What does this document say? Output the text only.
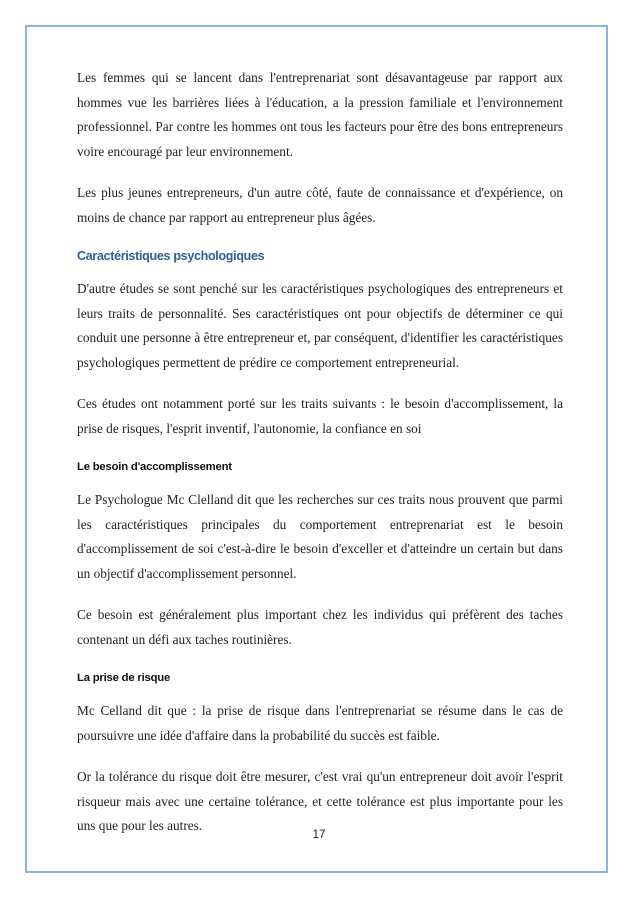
Les femmes qui se lancent dans l'entreprenariat sont désavantageuse par rapport aux hommes vue les barrières liées à l'éducation, a la pression familiale et l'environnement professionnel. Par contre les hommes ont tous les facteurs pour être des bons entrepreneurs voire encouragé par leur environnement.

Les plus jeunes entrepreneurs, d'un autre côté, faute de connaissance et d'expérience, on moins de chance par rapport au entrepreneur plus âgées.

Caractéristiques psychologiques

D'autre études se sont penché sur les caractéristiques psychologiques des entrepreneurs et leurs traits de personnalité. Ses caractéristiques ont pour objectifs de déterminer ce qui conduit une personne à être entrepreneur et, par conséquent, d'identifier les caractéristiques psychologiques permettent de prédire ce comportement entrepreneurial.

Ces études ont notamment porté sur les traits suivants : le besoin d'accomplissement, la prise de risques, l'esprit inventif, l'autonomie, la confiance en soi

Le besoin d'accomplissement

Le Psychologue Mc Clelland dit que les recherches sur ces traits nous prouvent que parmi les caractéristiques principales du comportement entreprenariat est le besoin d'accomplissement de soi c'est-à-dire le besoin d'exceller et d'atteindre un certain but dans un objectif d'accomplissement personnel.

Ce besoin est généralement plus important chez les individus qui préfèrent des taches contenant un défi aux taches routinières.

La prise de risque

Mc Celland dit que : la prise de risque dans l'entreprenariat se résume dans le cas de poursuivre une idée d'affaire dans la probabilité du succès est faible.

Or la tolérance du risque doit être mesurer, c'est vrai qu'un entrepreneur doit avoir l'esprit risqueur mais avec une certaine tolérance, et cette tolérance est plus importante pour les uns que pour les autres.

17
